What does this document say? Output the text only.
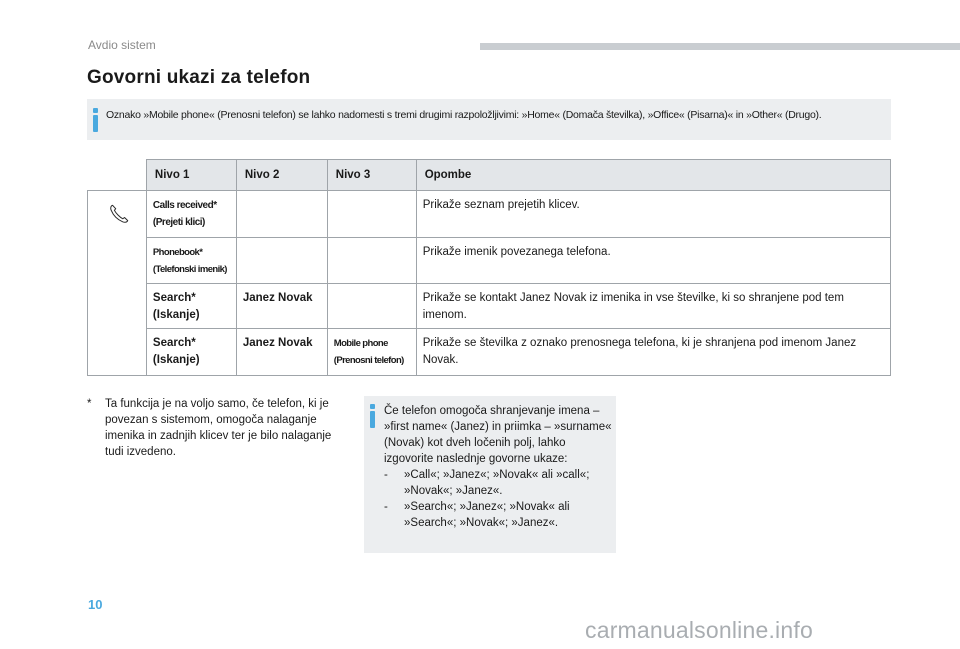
Avdio sistem
Govorni ukazi za telefon
Oznako »Mobile phone« (Prenosni telefon) se lahko nadomesti s tremi drugimi razpoložljivimi: »Home« (Domača številka), »Office« (Pisarna)« in »Other« (Drugo).
	Nivo 1	Nivo 2	Nivo 3	Opombe

Calls received*
(Prejeti klici)			Prikaže seznam prejetih klicev.

	Phonebook*
(Telefonski imenik)			Prikaže imenik povezanega telefona.
	Search*
(Iskanje)	Janez Novak		Prikaže se kontakt Janez Novak iz imenika in vse številke, ki so shranjene pod tem imenom.
	Search*
(Iskanje)	Janez Novak	Mobile phone
(Prenosni telefon)	Prikaže se številka z oznako prenosnega telefona, ki je shranjena pod imenom Janez Novak.
* Ta funkcija je na voljo samo, če telefon, ki je povezan s sistemom, omogoča nalaganje imenika in zadnjih klicev ter je bilo nalaganje tudi izvedeno.

Če telefon omogoča shranjevanje imena – »first name« (Janez) in priimka – »surname« (Novak) kot dveh ločenih polj, lahko izgovorite naslednje govorne ukaze:

- »Call«; »Janez«; »Novak« ali »call«; »Novak«; »Janez«.
- »Search«; »Janez«; »Novak« ali »Search«; »Novak«; »Janez«.
10
carmanualsonline.info
